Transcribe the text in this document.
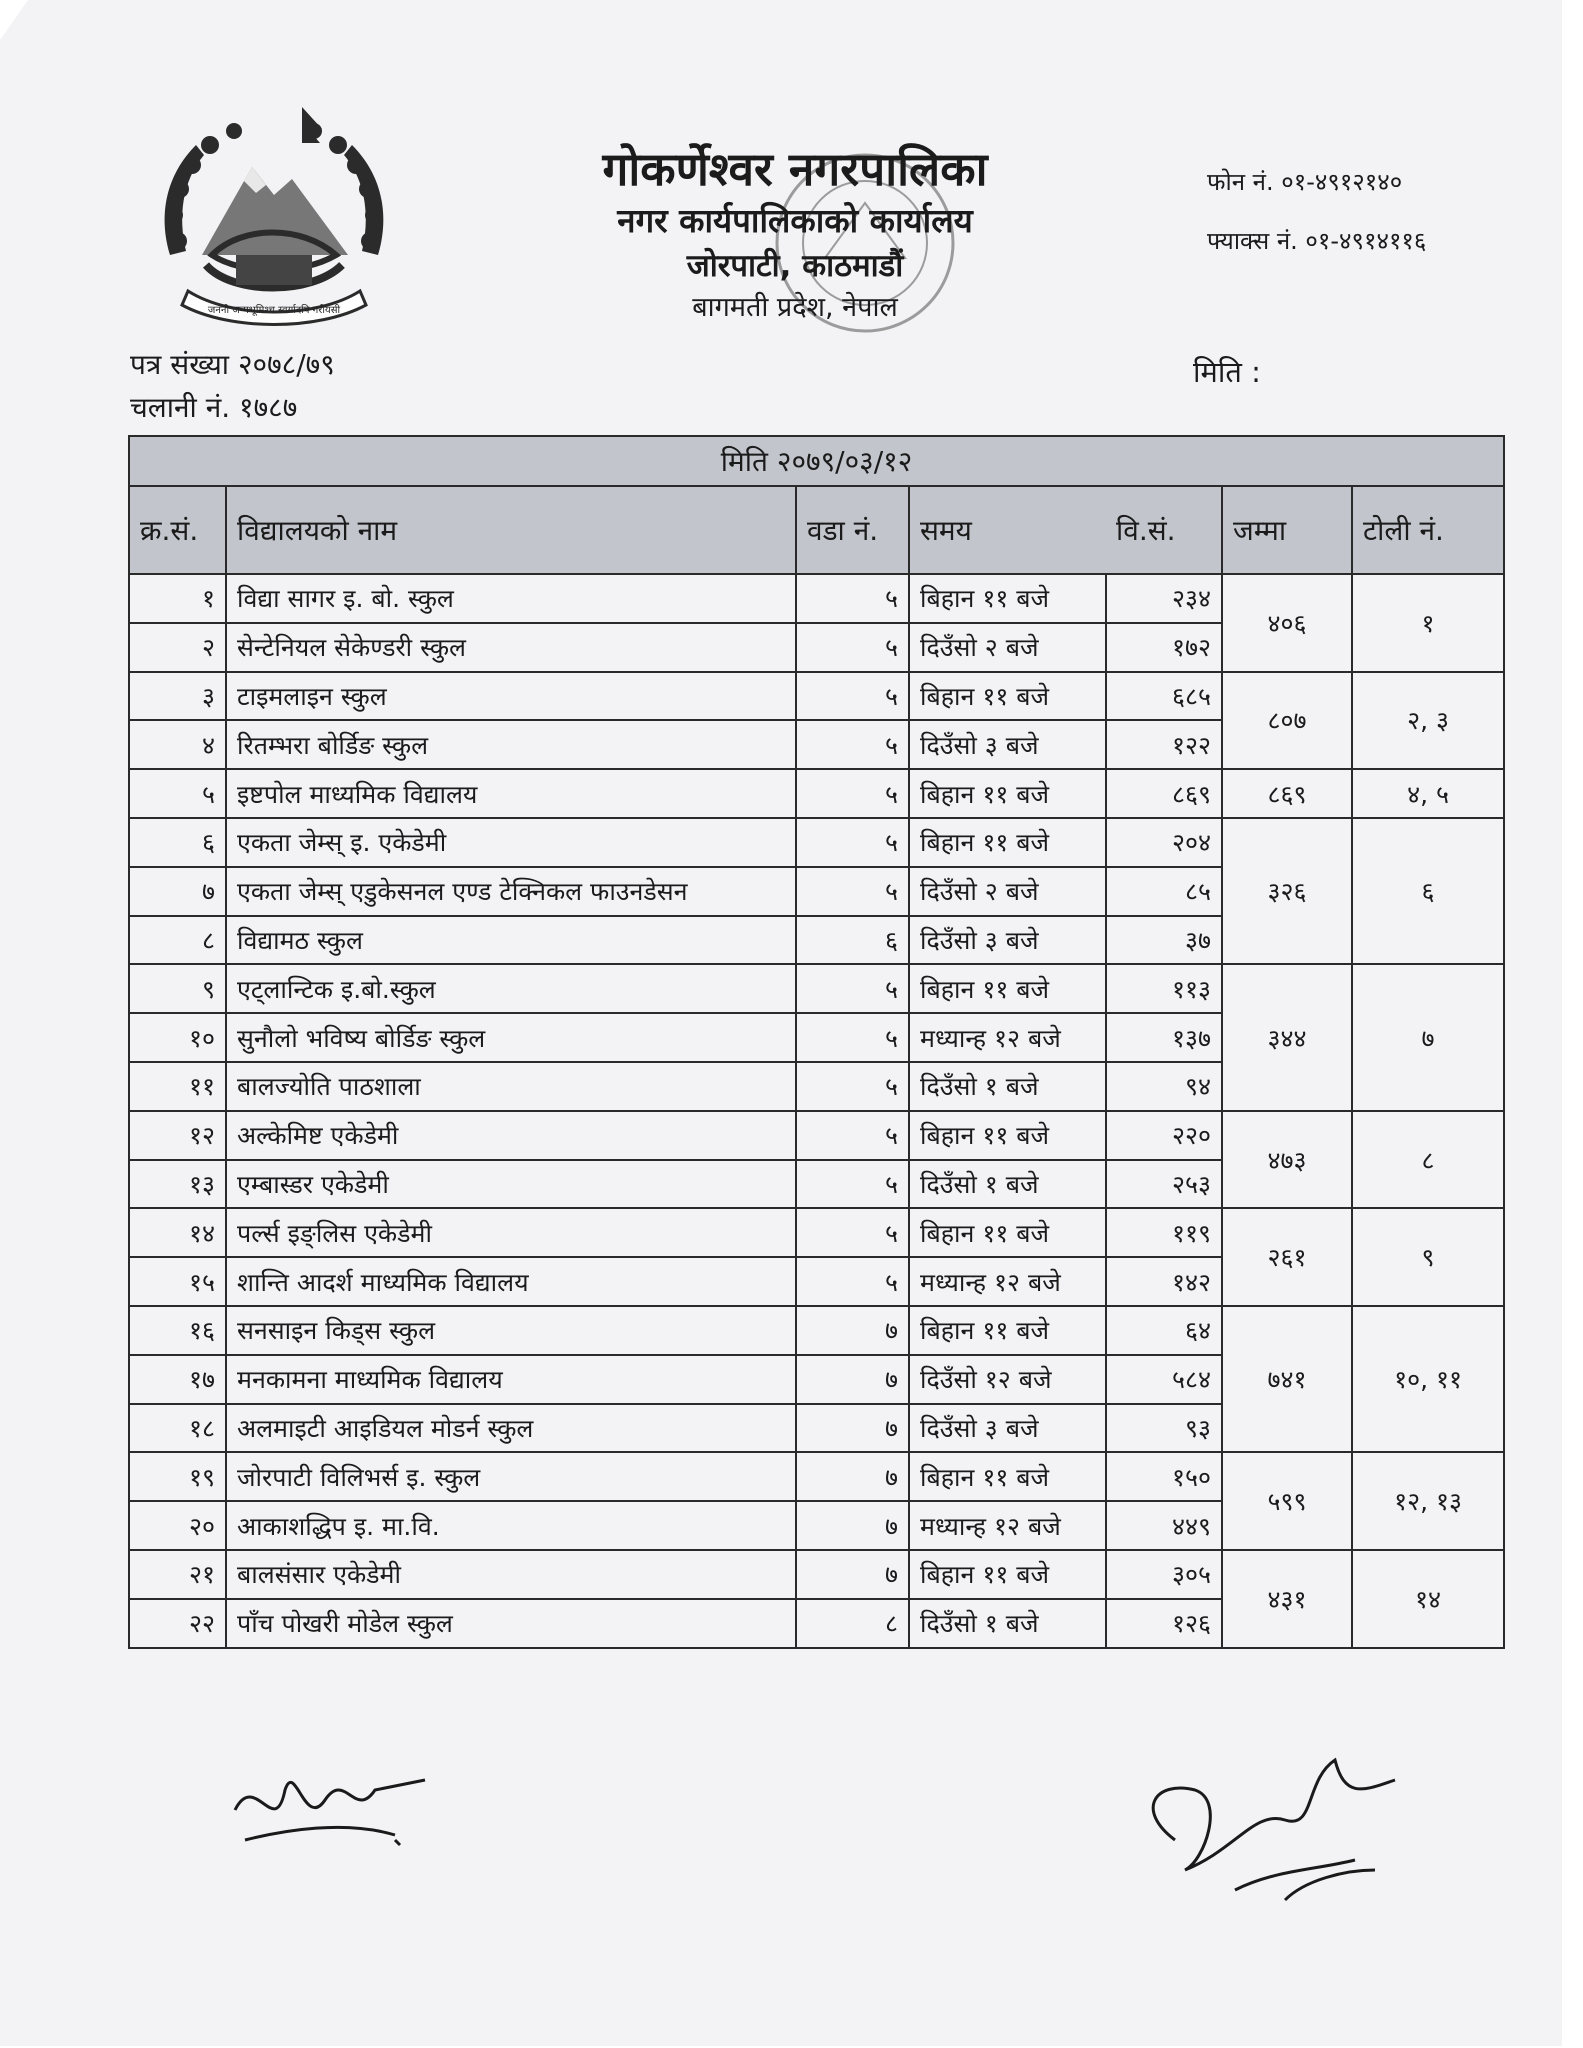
जननी जन्मभूमिश्च स्वर्गादपि गरीयसी
गोकर्णेश्वर नगरपालिका
नगर कार्यपालिकाको कार्यालय
जोरपाटी, काठमाडौं
बागमती प्रदेश, नेपाल
फोन नं. ०१-४९१२१४०
फ्याक्स नं. ०१-४९१४११६
पत्र संख्या २०७८/७९
चलानी नं. १७८७
मिति :
मिति २०७९/०३/१२						
क्र.सं.	विद्यालयको नाम	वडा नं.	समय	वि.सं.	जम्मा	टोली नं.
१	विद्या सागर इ. बो. स्कुल	५	बिहान ११ बजे	२३४	४०६	१
२	सेन्टेनियल सेकेण्डरी स्कुल	५	दिउँसो २ बजे	१७२		
३	टाइमलाइन स्कुल	५	बिहान ११ बजे	६८५	८०७	२, ३
४	रितम्भरा बोर्डिङ स्कुल	५	दिउँसो ३ बजे	१२२		
५	इष्टपोल माध्यमिक विद्यालय	५	बिहान ११ बजे	८६९	८६९	४, ५
६	एकता जेम्स् इ. एकेडेमी	५	बिहान ११ बजे	२०४	३२६	६
७	एकता जेम्स् एडुकेसनल एण्ड टेक्निकल फाउनडेसन	५	दिउँसो २ बजे	८५		
८	विद्यामठ स्कुल	६	दिउँसो ३ बजे	३७		
९	एट्लान्टिक इ.बो.स्कुल	५	बिहान ११ बजे	११३	३४४	७
१०	सुनौलो भविष्य बोर्डिङ स्कुल	५	मध्यान्ह १२ बजे	१३७		
११	बालज्योति पाठशाला	५	दिउँसो १ बजे	९४		
१२	अल्केमिष्ट एकेडेमी	५	बिहान ११ बजे	२२०	४७३	८
१३	एम्बास्डर एकेडेमी	५	दिउँसो १ बजे	२५३		
१४	पर्ल्स इङ्लिस एकेडेमी	५	बिहान ११ बजे	११९	२६१	९
१५	शान्ति आदर्श माध्यमिक विद्यालय	५	मध्यान्ह १२ बजे	१४२		
१६	सनसाइन किड्स स्कुल	७	बिहान ११ बजे	६४	७४१	१०, ११
१७	मनकामना माध्यमिक विद्यालय	७	दिउँसो १२ बजे	५८४		
१८	अलमाइटी आइडियल मोडर्न स्कुल	७	दिउँसो ३ बजे	९३		
१९	जोरपाटी विलिभर्स इ. स्कुल	७	बिहान ११ बजे	१५०	५९९	१२, १३
२०	आकाशद्धिप इ. मा.वि.	७	मध्यान्ह १२ बजे	४४९		
२१	बालसंसार एकेडेमी	७	बिहान ११ बजे	३०५	४३१	१४
२२	पाँच पोखरी मोडेल स्कुल	८	दिउँसो १ बजे	१२६		
